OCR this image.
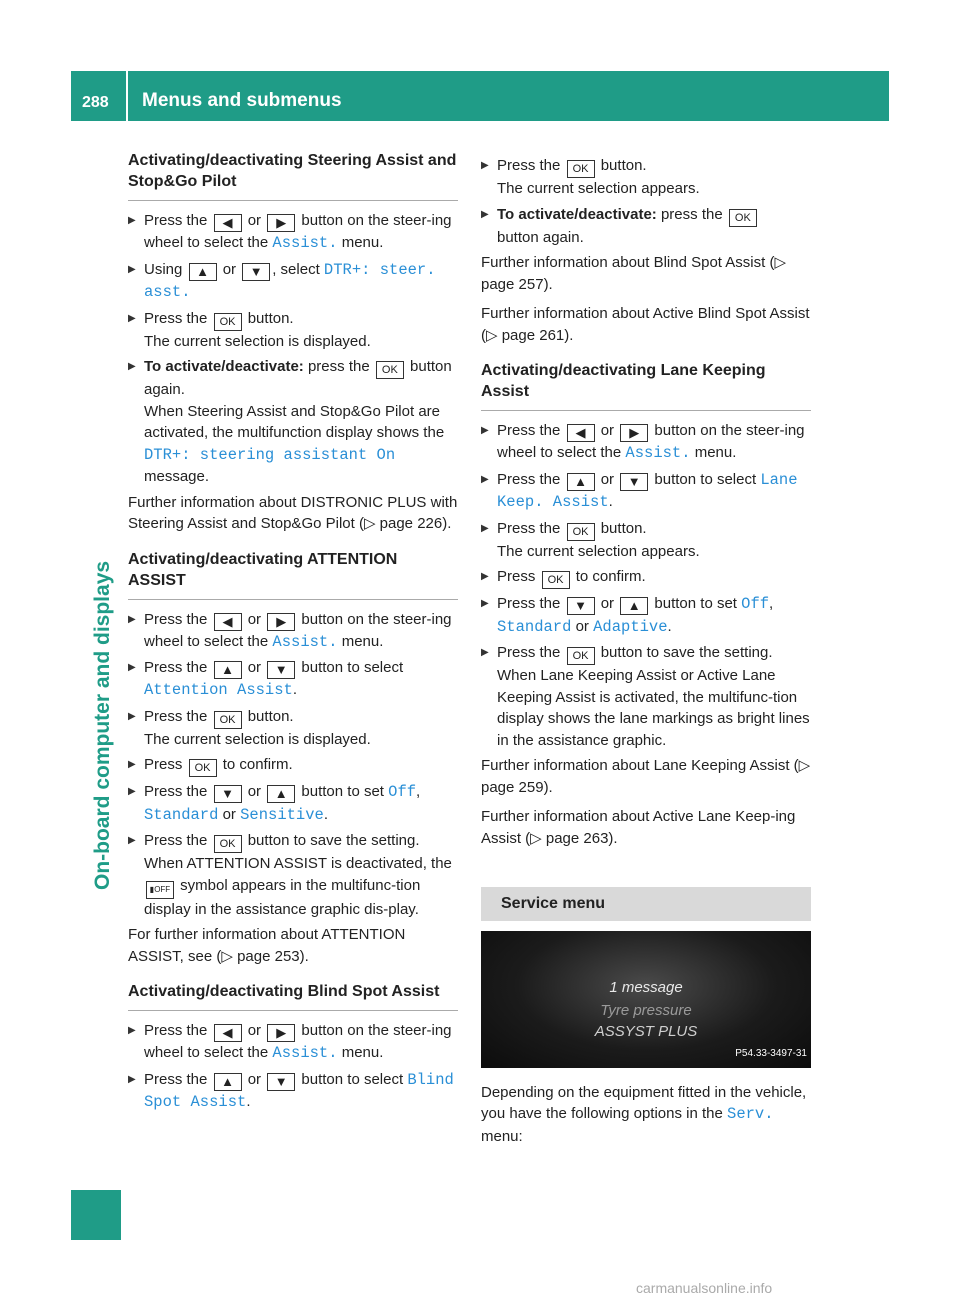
288 Menus and submenus
On-board computer and displays
Activating/deactivating Steering Assist and Stop&Go Pilot
▶ Press the ◀ or ▶ button on the steer-ing wheel to select the Assist. menu.
▶ Using ▲ or ▼ , select DTR+: steer. asst.
▶ Press the OK button.
The current selection is displayed.
▶ To activate/deactivate: press the OK button again.
When Steering Assist and Stop&Go Pilot are activated, the multifunction display shows the DTR+: steering assistant On message.

Further information about DISTRONIC PLUS with Steering Assist and Stop&Go Pilot (▷ page 226).

Activating/deactivating ATTENTION ASSIST
▶ Press the ◀ or ▶ button on the steer-ing wheel to select the Assist. menu.
▶ Press the ▲ or ▼ button to select Attention Assist.
▶ Press the OK button.
The current selection is displayed.
▶ Press OK to confirm.
▶ Press the ▼ or ▲ button to set Off, Standard or Sensitive.
▶ Press the OK button to save the setting.
When ATTENTION ASSIST is deactivated, the ▮OFF symbol appears in the multifunc-tion display in the assistance graphic dis-play.

For further information about ATTENTION ASSIST, see (▷ page 253).

Activating/deactivating Blind Spot Assist
▶ Press the ◀ or ▶ button on the steer-ing wheel to select the Assist. menu.
▶ Press the ▲ or ▼ button to select Blind Spot Assist.
▶ Press the OK button.
The current selection appears.
▶ To activate/deactivate: press the OK
button again.

Further information about Blind Spot Assist (▷ page 257).

Further information about Active Blind Spot Assist (▷ page 261).

Activating/deactivating Lane Keeping Assist
▶ Press the ◀ or ▶ button on the steer-ing wheel to select the Assist. menu.
▶ Press the ▲ or ▼ button to select Lane Keep. Assist.
▶ Press the OK button.
The current selection appears.
▶ Press OK to confirm.
▶ Press the ▼ or ▲ button to set Off, Standard or Adaptive.
▶ Press the OK button to save the setting.
When Lane Keeping Assist or Active Lane Keeping Assist is activated, the multifunc-tion display shows the lane markings as bright lines in the assistance graphic.

Further information about Lane Keeping Assist (▷ page 259).

Further information about Active Lane Keep-ing Assist (▷ page 263).

Service menu
1 message
Tyre pressure
ASSYST PLUS
P54.33-3497-31

Depending on the equipment fitted in the vehicle, you have the following options in the Serv. menu:

carmanualsonline.info
